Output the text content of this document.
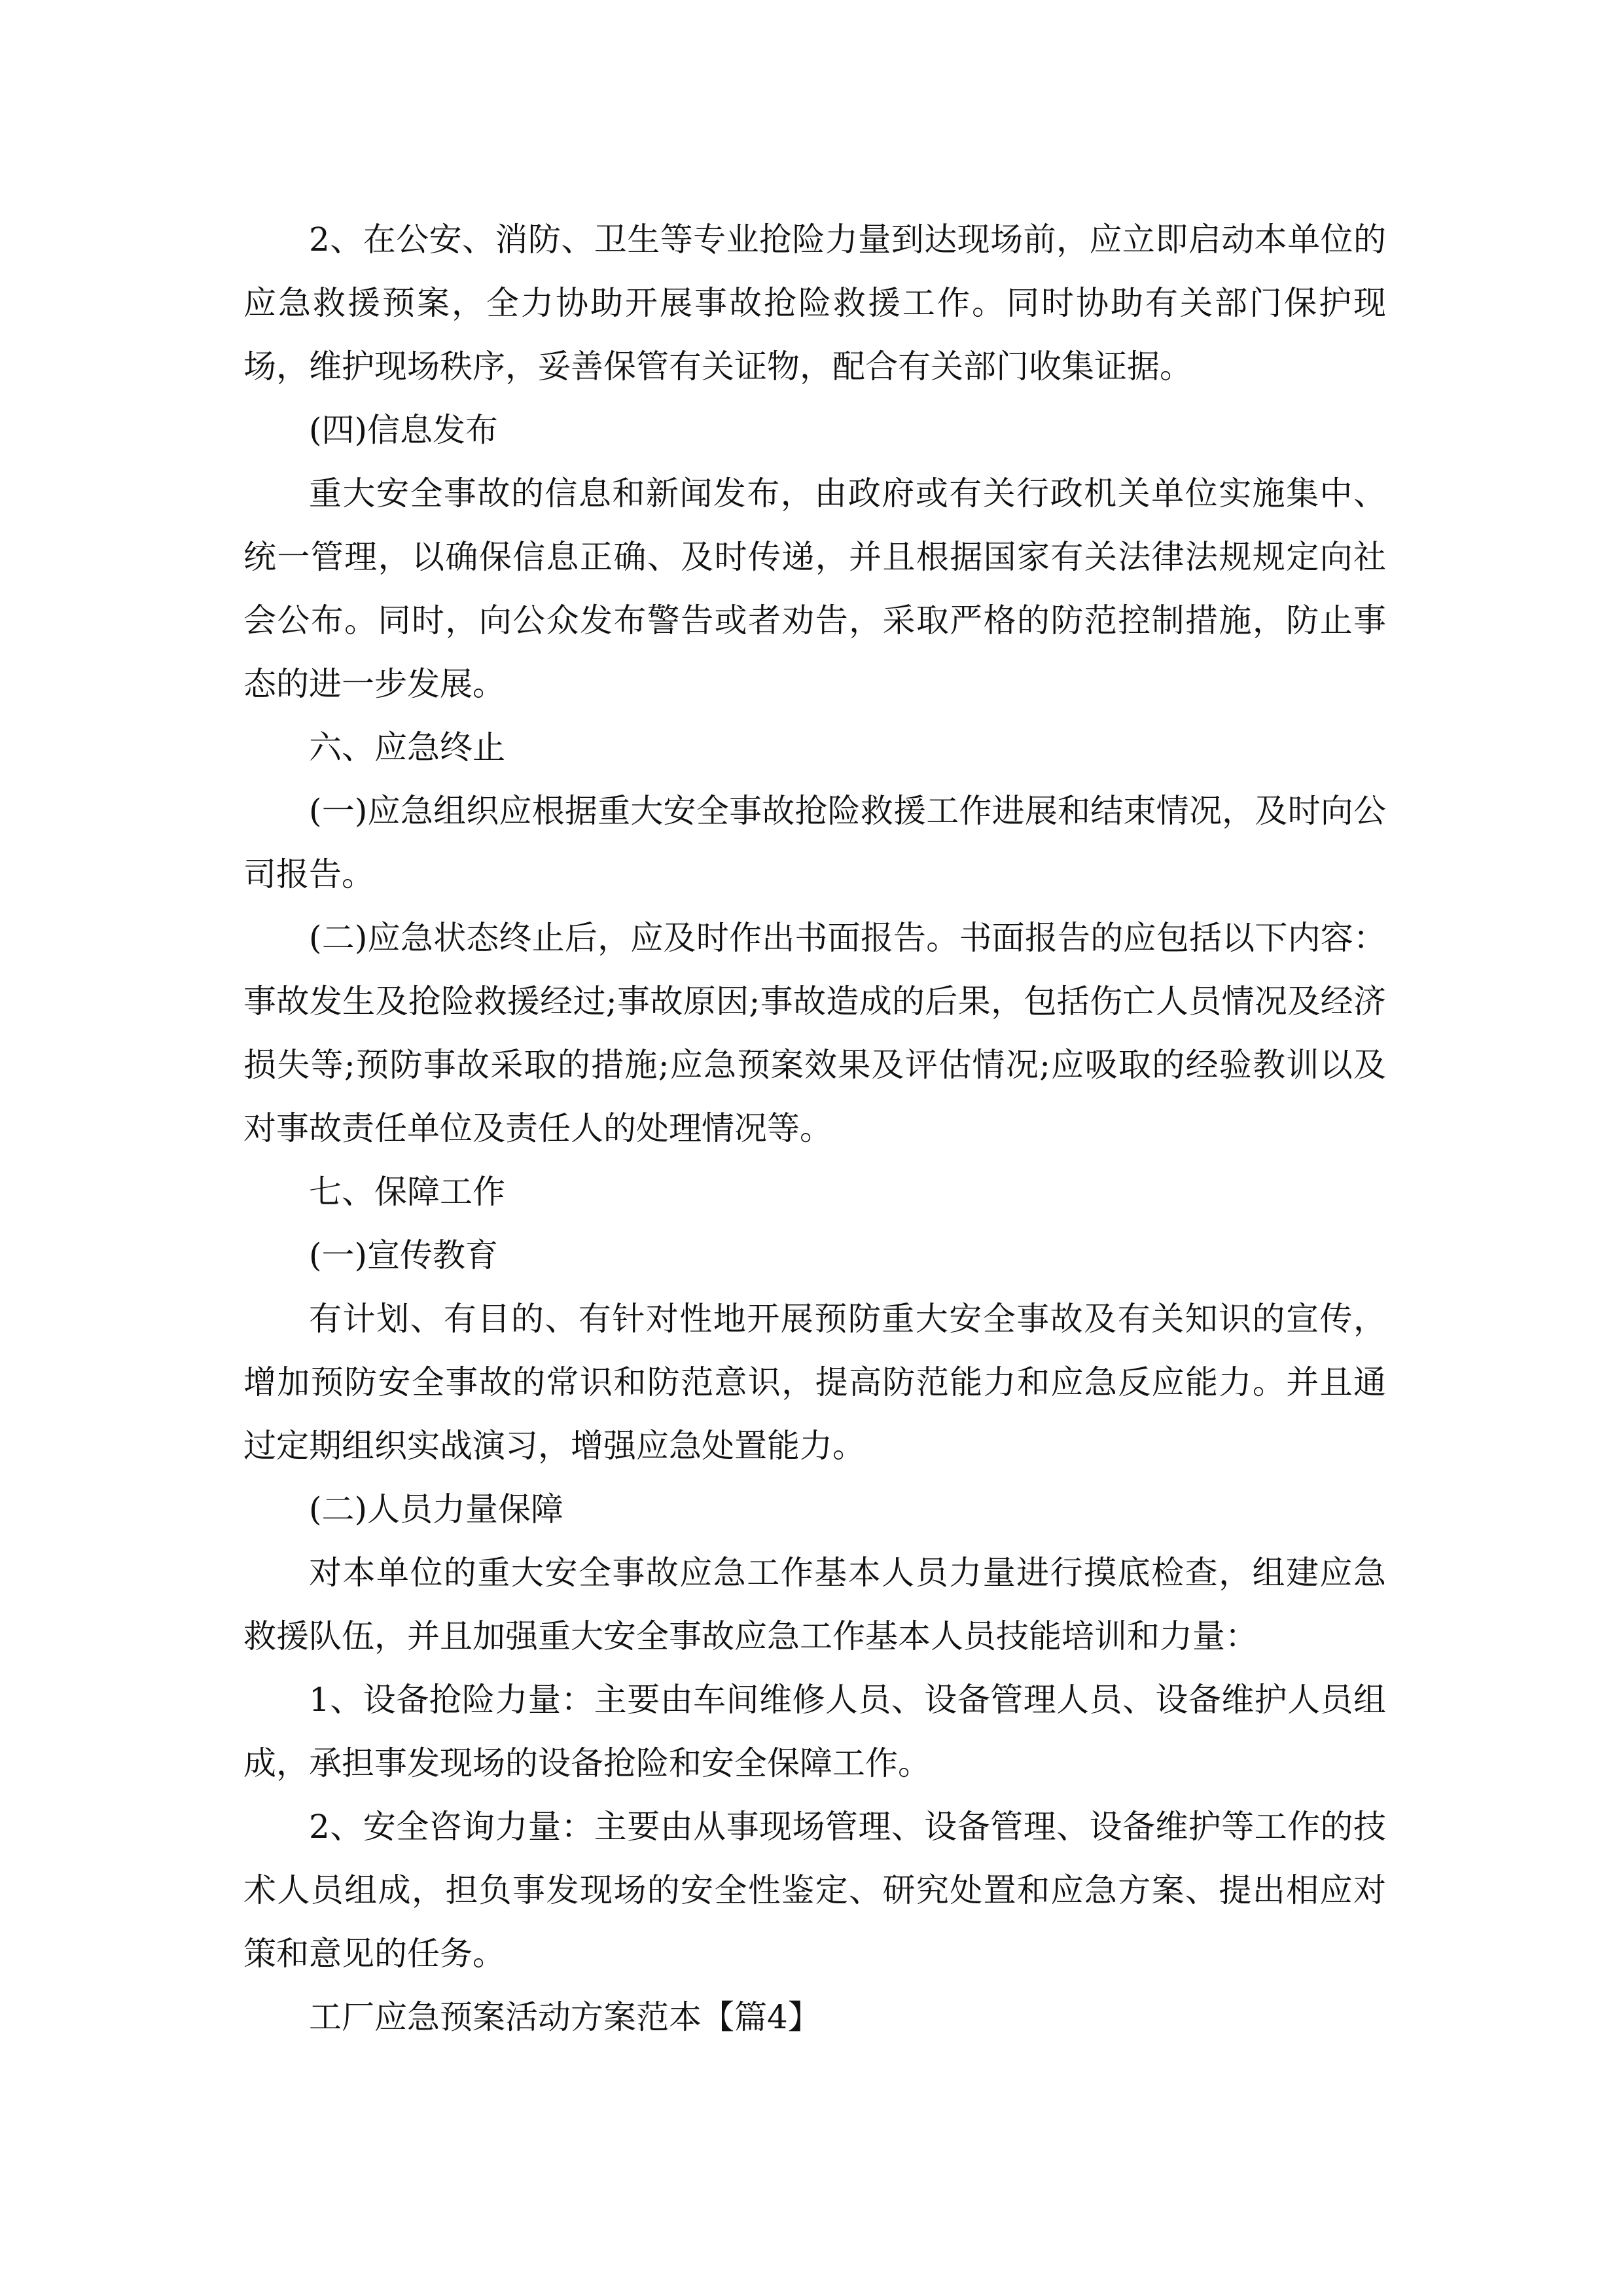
2、在公安、消防、卫生等专业抢险力量到达现场前，应立即启动本单位的应急救援预案，全力协助开展事故抢险救援工作。同时协助有关部门保护现场，维护现场秩序，妥善保管有关证物，配合有关部门收集证据。

(四)信息发布

重大安全事故的信息和新闻发布，由政府或有关行政机关单位实施集中、统一管理，以确保信息正确、及时传递，并且根据国家有关法律法规规定向社会公布。同时，向公众发布警告或者劝告，采取严格的防范控制措施，防止事态的进一步发展。

六、应急终止

(一)应急组织应根据重大安全事故抢险救援工作进展和结束情况，及时向公司报告。

(二)应急状态终止后，应及时作出书面报告。书面报告的应包括以下内容：事故发生及抢险救援经过;事故原因;事故造成的后果，包括伤亡人员情况及经济损失等;预防事故采取的措施;应急预案效果及评估情况;应吸取的经验教训以及对事故责任单位及责任人的处理情况等。

七、保障工作

(一)宣传教育

有计划、有目的、有针对性地开展预防重大安全事故及有关知识的宣传，增加预防安全事故的常识和防范意识，提高防范能力和应急反应能力。并且通过定期组织实战演习，增强应急处置能力。

(二)人员力量保障

对本单位的重大安全事故应急工作基本人员力量进行摸底检查，组建应急救援队伍，并且加强重大安全事故应急工作基本人员技能培训和力量：

1、设备抢险力量：主要由车间维修人员、设备管理人员、设备维护人员组成，承担事发现场的设备抢险和安全保障工作。

2、安全咨询力量：主要由从事现场管理、设备管理、设备维护等工作的技术人员组成，担负事发现场的安全性鉴定、研究处置和应急方案、提出相应对策和意见的任务。

工厂应急预案活动方案范本【篇4】
